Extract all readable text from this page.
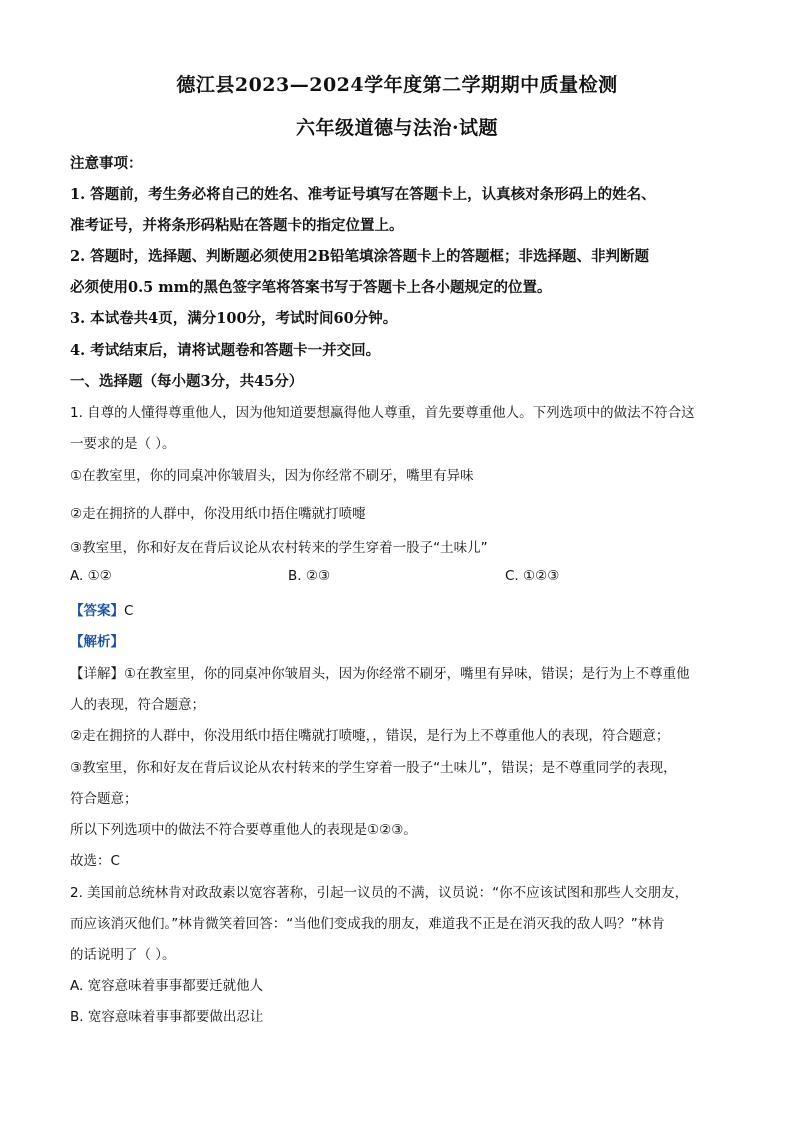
德江县2023—2024学年度第二学期期中质量检测
六年级道德与法治·试题
注意事项：
1. 答题前，考生务必将自己的姓名、准考证号填写在答题卡上，认真核对条形码上的姓名、
准考证号，并将条形码粘贴在答题卡的指定位置上。
2. 答题时，选择题、判断题必须使用2B铅笔填涂答题卡上的答题框；非选择题、非判断题
必须使用0.5 mm的黑色签字笔将答案书写于答题卡上各小题规定的位置。
3. 本试卷共4页，满分100分，考试时间60分钟。
4. 考试结束后，请将试题卷和答题卡一并交回。
一、选择题（每小题3分，共45分）
1. 自尊的人懂得尊重他人，因为他知道要想赢得他人尊重，首先要尊重他人。下列选项中的做法不符合这
一要求的是（ ）。
①在教室里，你的同桌冲你皱眉头，因为你经常不刷牙，嘴里有异味
②走在拥挤的人群中，你没用纸巾捂住嘴就打喷嚏
③教室里，你和好友在背后议论从农村转来的学生穿着一股子“土味儿”
A. ①②	B. ②③	C. ①②③
【答案】C
【解析】
【详解】①在教室里，你的同桌冲你皱眉头，因为你经常不刷牙，嘴里有异味，错误；是行为上不尊重他
人的表现，符合题意；
②走在拥挤的人群中，你没用纸巾捂住嘴就打喷嚏，，错误，是行为上不尊重他人的表现，符合题意；
③教室里，你和好友在背后议论从农村转来的学生穿着一股子“土味儿”，错误；是不尊重同学的表现，
符合题意；
所以下列选项中的做法不符合要尊重他人的表现是①②③。
故选：C
2. 美国前总统林肯对政敌素以宽容著称，引起一议员的不满，议员说：“你不应该试图和那些人交朋友，
而应该消灭他们。”林肯微笑着回答：“当他们变成我的朋友，难道我不正是在消灭我的敌人吗？”林肯
的话说明了（ ）。
A. 宽容意味着事事都要迁就他人
B. 宽容意味着事事都要做出忍让
